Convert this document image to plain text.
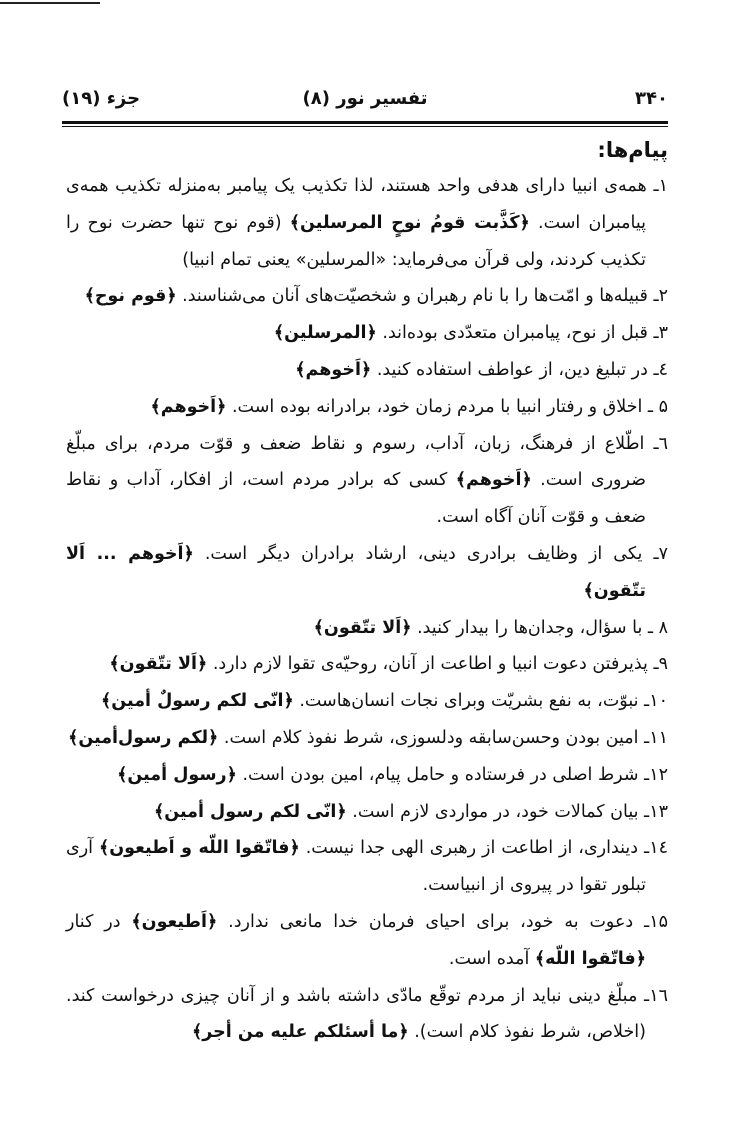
۳۴۰
تفسیر نور (۸)
جزء (۱۹)

پیام‌ها:

۱ـ همه‌ی انبیا دارای هدفی واحد هستند، لذا تکذیب یک پیامبر به‌منزله تکذیب همه‌ی پیامبران است. ﴿کَذَّبت قومُ نوحٍ المرسلین﴾ (قوم نوح تنها حضرت نوح را تکذیب کردند، ولی قرآن می‌فرماید: «المرسلین» یعنی تمام انبیا)

۲ـ قبیله‌ها و امّت‌ها را با نام رهبران و شخصیّت‌های آنان می‌شناسند. ﴿قوم نوح﴾

۳ـ قبل از نوح، پیامبران متعدّدی بوده‌اند. ﴿المرسلین﴾

٤ـ در تبلیغ دین، از عواطف استفاده کنید. ﴿اَخوهم﴾

۵ ـ اخلاق و رفتار انبیا با مردم زمان خود، برادرانه بوده است. ﴿اَخوهم﴾

٦ـ اطّلاع از فرهنگ، زبان، آداب، رسوم و نقاط ضعف و قوّت مردم، برای مبلّغ ضروری است. ﴿اَخوهم﴾ کسی که برادر مردم است، از افکار، آداب و نقاط ضعف و قوّت آنان آگاه است.

۷ـ یکی از وظایف برادری دینی، ارشاد برادران دیگر است. ﴿اَخوهم ... اَلا تتّقون﴾

۸ ـ با سؤال، وجدان‌ها را بیدار کنید. ﴿اَلا تتّقون﴾

۹ـ پذیرفتن دعوت انبیا و اطاعت از آنان، روحیّه‌ی تقوا لازم دارد. ﴿اَلا تتّقون﴾

۱۰ـ نبوّت، به نفع بشریّت وبرای نجات انسان‌هاست. ﴿انّی لکم رسولٌ أمین﴾

۱۱ـ امین بودن وحسن‌سابقه ودلسوزی، شرط نفوذ کلام است. ﴿لکم رسول‌أمین﴾

۱۲ـ شرط اصلی در فرستاده و حامل پیام، امین بودن است. ﴿رسول أمین﴾

۱۳ـ بیان کمالات خود، در مواردی لازم است. ﴿انّی لکم رسول أمین﴾

١٤ـ دینداری، از اطاعت از رهبری الهی جدا نیست. ﴿فاتّقوا اللّه و اَطیعون﴾ آری تبلور تقوا در پیروی از انبیاست.

۱۵ـ دعوت به خود، برای احیای فرمان خدا مانعی ندارد. ﴿اَطیعون﴾ در کنار ﴿فاتّقوا اللّه﴾ آمده است.

١٦ـ مبلّغ دینی نباید از مردم توقّع مادّی داشته باشد و از آنان چیزی درخواست کند. (اخلاص، شرط نفوذ کلام است). ﴿ما أسئلکم علیه من أجر﴾
